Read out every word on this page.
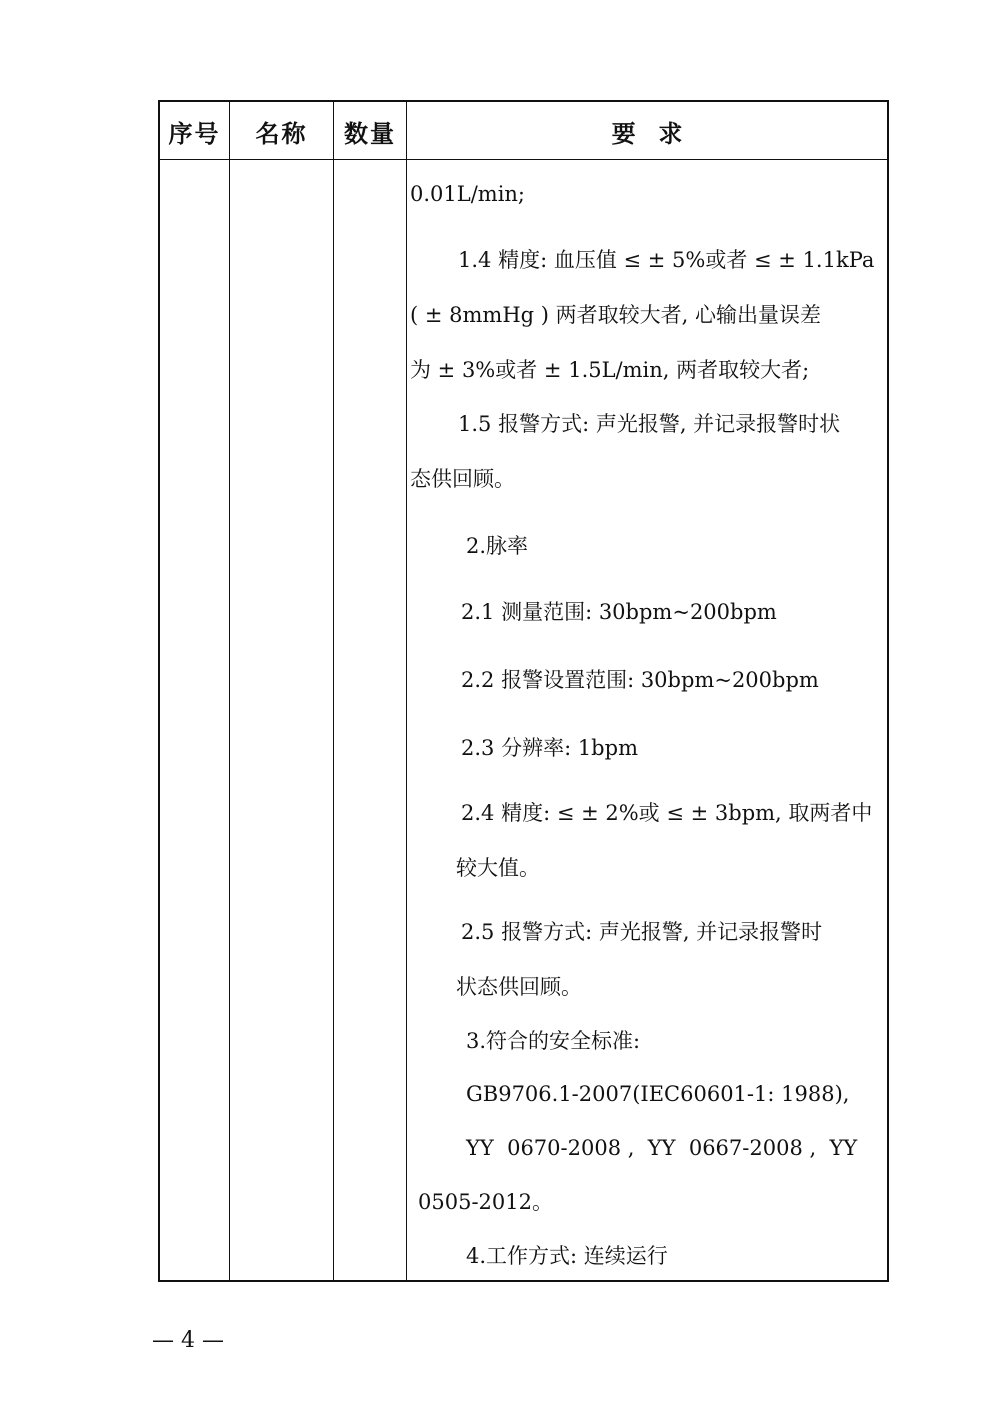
序号	名称	数量	要  求
0.01L/min;
1.4 精度: 血压值 ≤ ± 5%或者 ≤ ± 1.1kPa
( ± 8mmHg ) 两者取较大者, 心输出量误差
为 ± 3%或者 ± 1.5L/min, 两者取较大者;
1.5 报警方式: 声光报警, 并记录报警时状
态供回顾。
2.脉率
2.1 测量范围: 30bpm~200bpm
2.2 报警设置范围: 30bpm~200bpm
2.3 分辨率: 1bpm
2.4 精度: ≤ ± 2%或 ≤ ± 3bpm, 取两者中
较大值。
2.5 报警方式: 声光报警, 并记录报警时
状态供回顾。
3.符合的安全标准:
GB9706.1-2007(IEC60601-1: 1988),
YY  0670-2008 ,  YY  0667-2008 ,  YY
0505-2012。
4.工作方式: 连续运行
— 4 —
